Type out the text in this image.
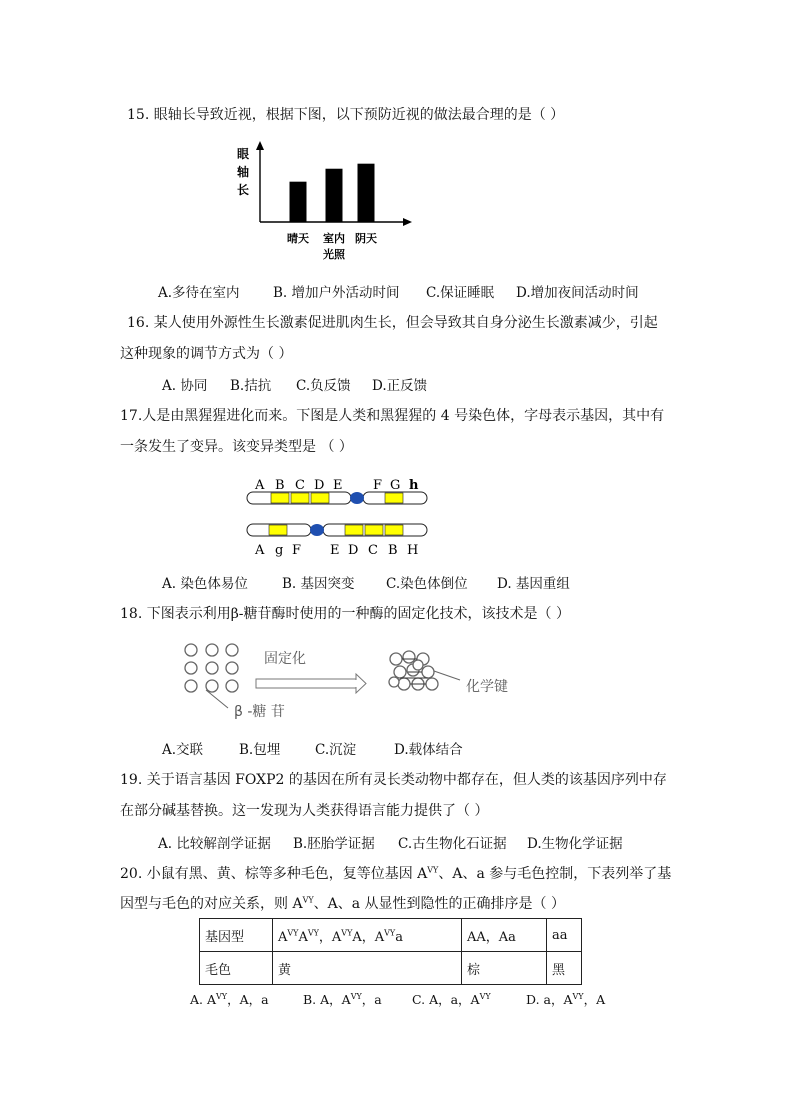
15. 眼轴长导致近视，根据下图，以下预防近视的做法最合理的是（ ）
眼
轴
长
晴天 室内
光照
阴天
A.多待在室内 B. 增加户外活动时间 C.保证睡眠 D.增加夜间活动时间
16. 某人使用外源性生长激素促进肌肉生长，但会导致其自身分泌生长激素减少，引起
这种现象的调节方式为（ ）
A. 协同 B.拮抗 C.负反馈 D.正反馈
17.人是由黑猩猩进化而来。下图是人类和黑猩猩的 4 号染色体，字母表示基因，其中有
一条发生了变异。该变异类型是 （ ）
A B C D E F G h
A g F E D C B H
A. 染色体易位	B. 基因突变 C.染色体倒位 D. 基因重组
18. 下图表示利用β-糖苷酶时使用的一种酶的固定化技术，该技术是（ ）
β -糖 苷
固定化
化学键
A.交联	B.包埋	C.沉淀	D.载体结合
19. 关于语言基因 FOXP2 的基因在所有灵长类动物中都存在，但人类的该基因序列中存
在部分碱基替换。这一发现为人类获得语言能力提供了（ ）
A. 比较解剖学证据 B.胚胎学证据 C.古生物化石证据 D.生物化学证据
20. 小鼠有黑、黄、棕等多种毛色，复等位基因 $A^{VY}$、A、a 参与毛色控制，下表列举了基
因型与毛色的对应关系，则 $A^{VY}$、A、a 从显性到隐性的正确排序是（ ）
基因型	$A^{VY}A^{VY}$，$A^{VY}A$，$A^{VY}a$	AA，Aa	aa
毛色	黄	棕	黑
A. $A^{VY}$，A，a	B. A，$A^{VY}$，a C. A，a，$A^{VY}$	D. a，$A^{VY}$，A
